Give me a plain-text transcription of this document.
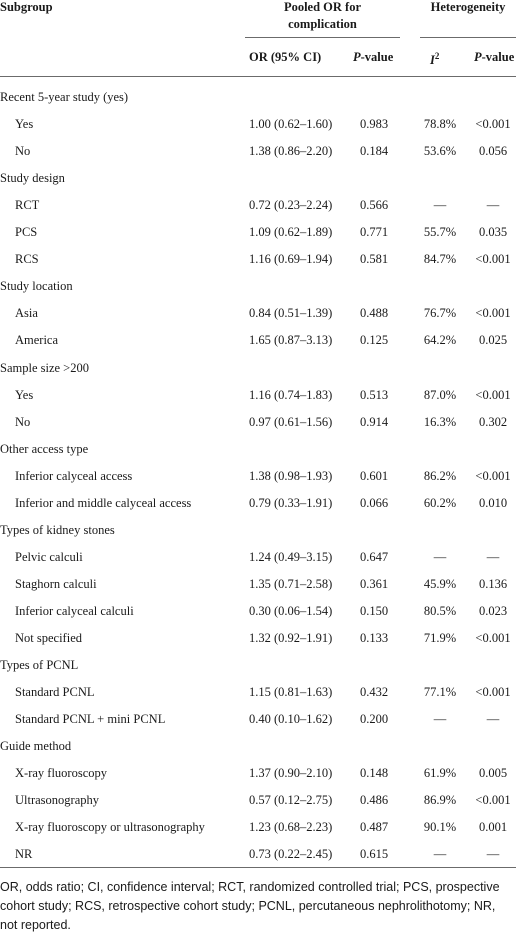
Subgroup	Pooled OR for
complication
Heterogeneity
OR (95% CI)	P-value	$I^2$	P-value
Recent 5-year study (yes)
Yes	1.00 (0.62–1.60) 0.983	78.8%	<0.001
No	1.38 (0.86–2.20) 0.184	53.6%	0.056
Study design
RCT	0.72 (0.23–2.24) 0.566	—	—
PCS	1.09 (0.62–1.89) 0.771	55.7%	0.035
RCS	1.16 (0.69–1.94) 0.581	84.7%	<0.001
Study location
Asia	0.84 (0.51–1.39) 0.488	76.7%	<0.001
America	1.65 (0.87–3.13) 0.125	64.2%	0.025
Sample size >200
Yes	1.16 (0.74–1.83) 0.513	87.0%	<0.001
No	0.97 (0.61–1.56) 0.914	16.3%	0.302
Other access type
Inferior calyceal access	1.38 (0.98–1.93) 0.601	86.2%	<0.001
Inferior and middle calyceal access	0.79 (0.33–1.91) 0.066	60.2%	0.010
Types of kidney stones
Pelvic calculi	1.24 (0.49–3.15) 0.647	—	—
Staghorn calculi	1.35 (0.71–2.58) 0.361	45.9%	0.136
Inferior calyceal calculi	0.30 (0.06–1.54) 0.150	80.5%	0.023
Not specified	1.32 (0.92–1.91) 0.133	71.9%	<0.001
Types of PCNL
Standard PCNL	1.15 (0.81–1.63) 0.432	77.1%	<0.001
Standard PCNL + mini PCNL	0.40 (0.10–1.62) 0.200	—	—
Guide method
X-ray fluoroscopy	1.37 (0.90–2.10) 0.148	61.9%	0.005
Ultrasonography	0.57 (0.12–2.75) 0.486	86.9%	<0.001
X-ray fluoroscopy or ultrasonography	1.23 (0.68–2.23) 0.487	90.1%	0.001
NR	0.73 (0.22–2.45) 0.615	—	—
OR, odds ratio; CI, confidence interval; RCT, randomized controlled trial; PCS, prospective cohort study; RCS, retrospective cohort study; PCNL, percutaneous nephrolithotomy; NR, not reported.
